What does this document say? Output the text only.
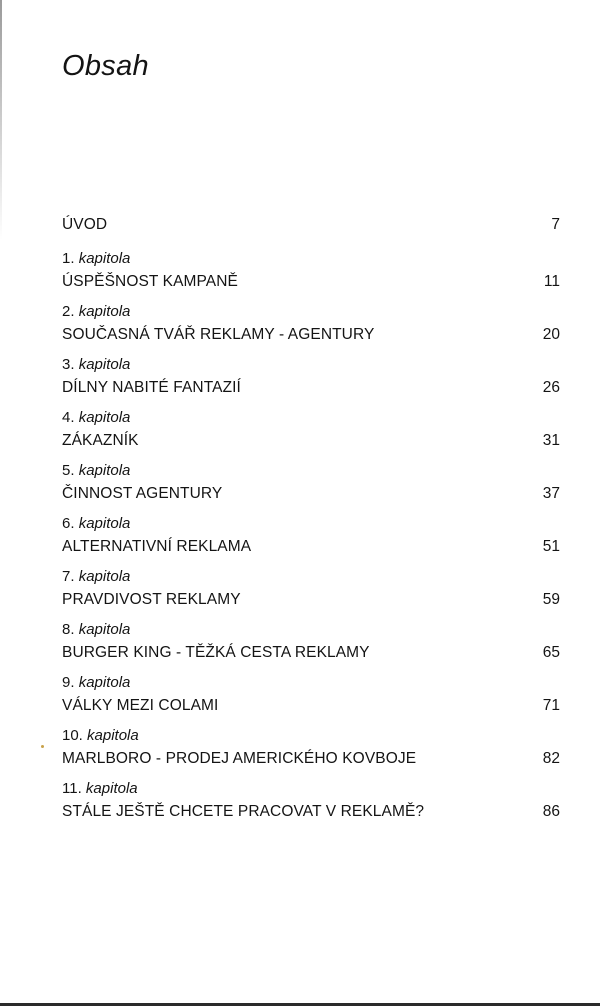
Obsah
ÚVOD	7
1. kapitola
ÚSPĚŠNOST KAMPANĚ	11
2. kapitola
SOUČASNÁ TVÁŘ REKLAMY - AGENTURY	20
3. kapitola
DÍLNY NABITÉ FANTAZIÍ	26
4. kapitola
ZÁKAZNÍK	31
5. kapitola
ČINNOST AGENTURY	37
6. kapitola
ALTERNATIVNÍ REKLAMA	51
7. kapitola
PRAVDIVOST REKLAMY	59
8. kapitola
BURGER KING - TĚŽKÁ CESTA REKLAMY	65
9. kapitola
VÁLKY MEZI COLAMI	71
10. kapitola
MARLBORO - PRODEJ AMERICKÉHO KOVBOJE	82
11. kapitola
STÁLE JEŠTĚ CHCETE PRACOVAT V REKLAMĚ?	86
